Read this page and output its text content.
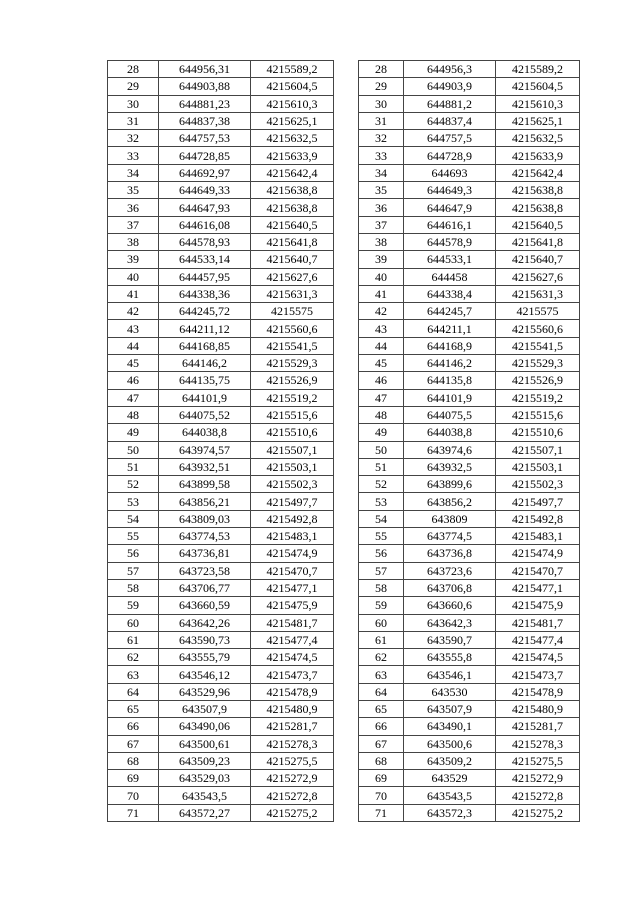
28	644956,31	4215589,2
29	644903,88	4215604,5
30	644881,23	4215610,3
31	644837,38	4215625,1
32	644757,53	4215632,5
33	644728,85	4215633,9
34	644692,97	4215642,4
35	644649,33	4215638,8
36	644647,93	4215638,8
37	644616,08	4215640,5
38	644578,93	4215641,8
39	644533,14	4215640,7
40	644457,95	4215627,6
41	644338,36	4215631,3
42	644245,72	4215575
43	644211,12	4215560,6
44	644168,85	4215541,5
45	644146,2	4215529,3
46	644135,75	4215526,9
47	644101,9	4215519,2
48	644075,52	4215515,6
49	644038,8	4215510,6
50	643974,57	4215507,1
51	643932,51	4215503,1
52	643899,58	4215502,3
53	643856,21	4215497,7
54	643809,03	4215492,8
55	643774,53	4215483,1
56	643736,81	4215474,9
57	643723,58	4215470,7
58	643706,77	4215477,1
59	643660,59	4215475,9
60	643642,26	4215481,7
61	643590,73	4215477,4
62	643555,79	4215474,5
63	643546,12	4215473,7
64	643529,96	4215478,9
65	643507,9	4215480,9
66	643490,06	4215281,7
67	643500,61	4215278,3
68	643509,23	4215275,5
69	643529,03	4215272,9
70	643543,5	4215272,8
71	643572,27	4215275,2
28	644956,3	4215589,2
29	644903,9	4215604,5
30	644881,2	4215610,3
31	644837,4	4215625,1
32	644757,5	4215632,5
33	644728,9	4215633,9
34	644693	4215642,4
35	644649,3	4215638,8
36	644647,9	4215638,8
37	644616,1	4215640,5
38	644578,9	4215641,8
39	644533,1	4215640,7
40	644458	4215627,6
41	644338,4	4215631,3
42	644245,7	4215575
43	644211,1	4215560,6
44	644168,9	4215541,5
45	644146,2	4215529,3
46	644135,8	4215526,9
47	644101,9	4215519,2
48	644075,5	4215515,6
49	644038,8	4215510,6
50	643974,6	4215507,1
51	643932,5	4215503,1
52	643899,6	4215502,3
53	643856,2	4215497,7
54	643809	4215492,8
55	643774,5	4215483,1
56	643736,8	4215474,9
57	643723,6	4215470,7
58	643706,8	4215477,1
59	643660,6	4215475,9
60	643642,3	4215481,7
61	643590,7	4215477,4
62	643555,8	4215474,5
63	643546,1	4215473,7
64	643530	4215478,9
65	643507,9	4215480,9
66	643490,1	4215281,7
67	643500,6	4215278,3
68	643509,2	4215275,5
69	643529	4215272,9
70	643543,5	4215272,8
71	643572,3	4215275,2
